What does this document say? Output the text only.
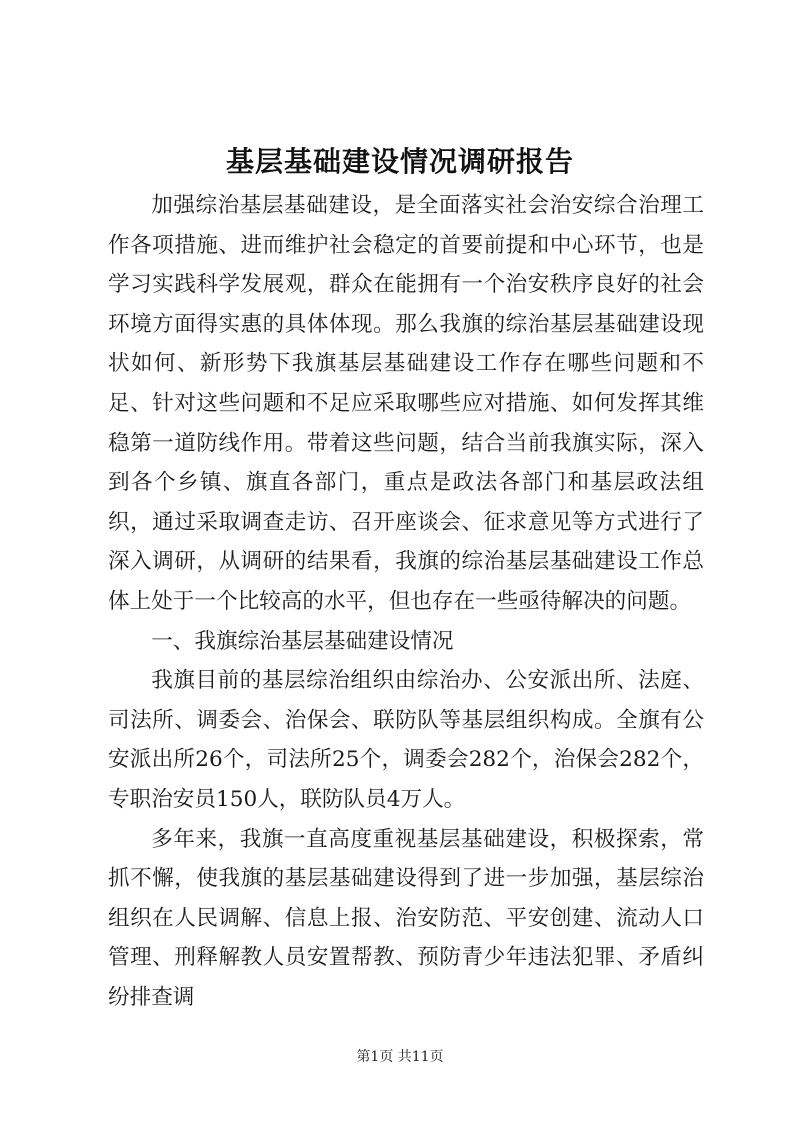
基层基础建设情况调研报告

加强综治基层基础建设，是全面落实社会治安综合治理工作各项措施、进而维护社会稳定的首要前提和中心环节，也是学习实践科学发展观，群众在能拥有一个治安秩序良好的社会环境方面得实惠的具体体现。那么我旗的综治基层基础建设现状如何、新形势下我旗基层基础建设工作存在哪些问题和不足、针对这些问题和不足应采取哪些应对措施、如何发挥其维稳第一道防线作用。带着这些问题，结合当前我旗实际，深入到各个乡镇、旗直各部门，重点是政法各部门和基层政法组织，通过采取调查走访、召开座谈会、征求意见等方式进行了深入调研，从调研的结果看，我旗的综治基层基础建设工作总体上处于一个比较高的水平，但也存在一些亟待解决的问题。

一、我旗综治基层基础建设情况

我旗目前的基层综治组织由综治办、公安派出所、法庭、司法所、调委会、治保会、联防队等基层组织构成。全旗有公安派出所26个，司法所25个，调委会282个，治保会282个，专职治安员150人，联防队员4万人。

多年来，我旗一直高度重视基层基础建设，积极探索，常抓不懈，使我旗的基层基础建设得到了进一步加强，基层综治组织在人民调解、信息上报、治安防范、平安创建、流动人口管理、刑释解教人员安置帮教、预防青少年违法犯罪、矛盾纠纷排查调

第1页 共11页
